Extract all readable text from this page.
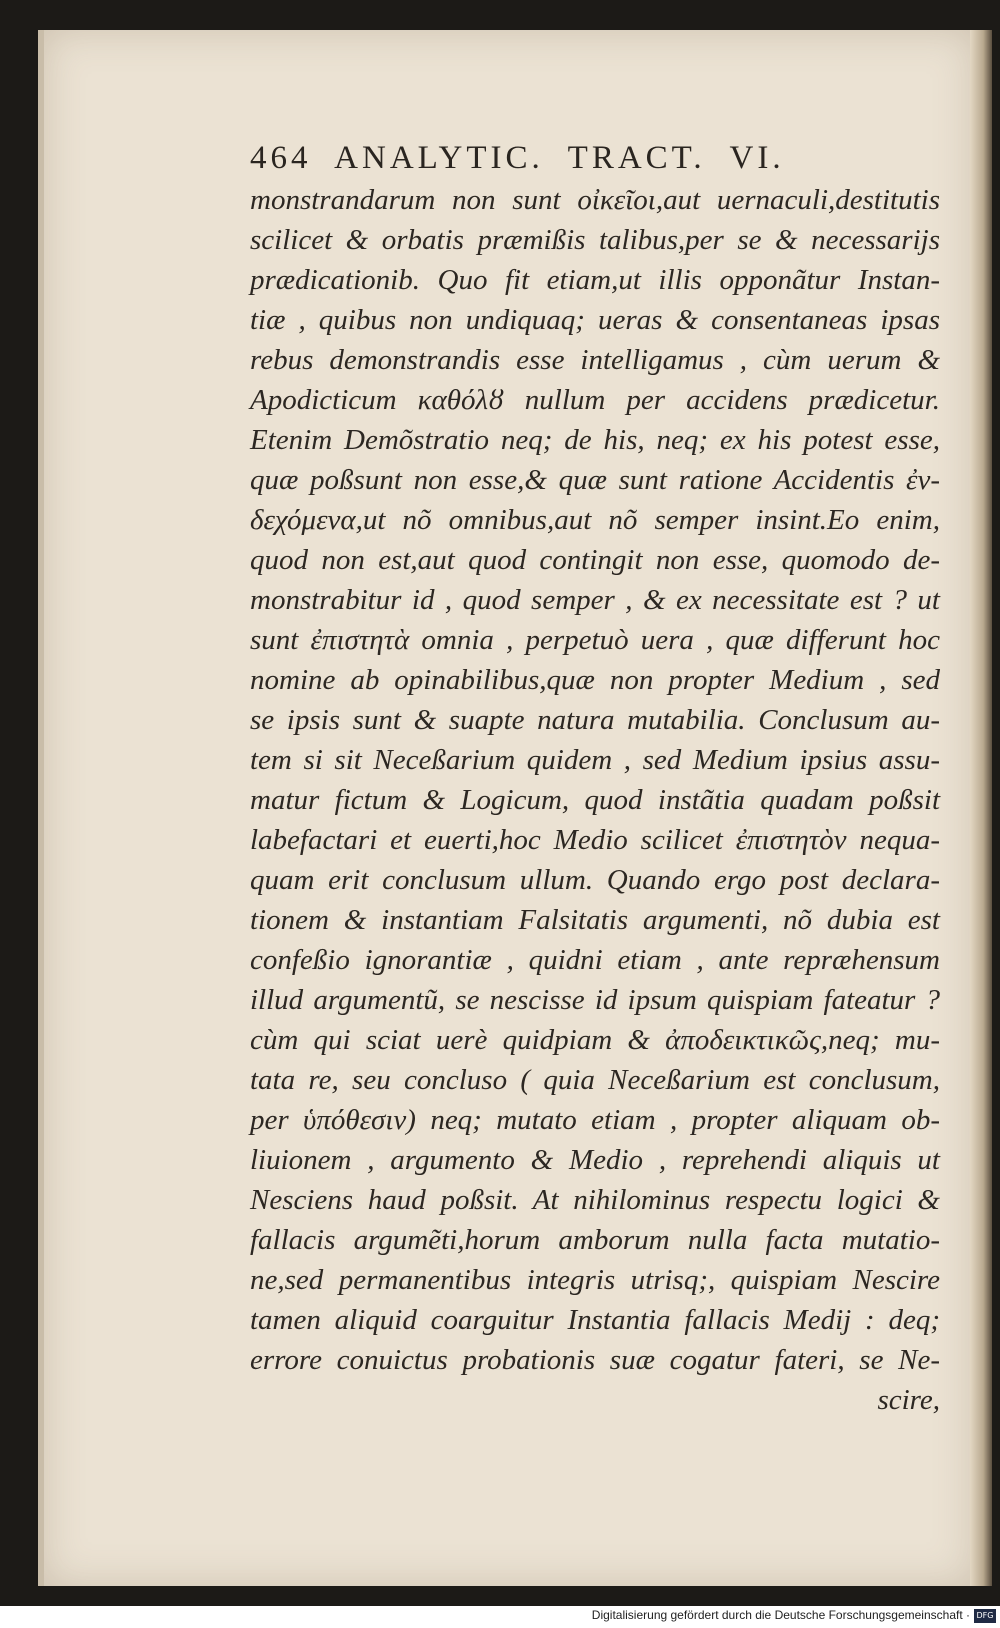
464  ANALYTIC.  TRACT.  VI.
monstrandarum non sunt οἰκεῖοι,aut uernaculi,destitutis
scilicet & orbatis præmißis talibus,per se & necessarijs
prædicationib. Quo fit etiam,ut illis opponãtur Instan-
tiæ , quibus non undiquaq; ueras & consentaneas ipsas
rebus demonstrandis esse intelligamus , cùm uerum &
Apodicticum καθόλȣ nullum per accidens prædicetur.
Etenim Demõstratio neq; de his, neq; ex his potest esse,
quæ poßsunt non esse,& quæ sunt ratione Accidentis ἐν-
δεχόμενα,ut nõ omnibus,aut nõ semper insint.Eo enim,
quod non est,aut quod contingit non esse, quomodo de-
monstrabitur id , quod semper , & ex necessitate est ? ut
sunt ἐπιστητὰ omnia , perpetuò uera , quæ differunt hoc
nomine ab opinabilibus,quæ non propter Medium , sed
se ipsis sunt & suapte natura mutabilia. Conclusum au-
tem si sit Neceßarium quidem , sed Medium ipsius assu-
matur fictum & Logicum, quod instãtia quadam poßsit
labefactari et euerti,hoc Medio scilicet ἐπιστητὸν nequa-
quam erit conclusum ullum. Quando ergo post declara-
tionem & instantiam Falsitatis argumenti, nõ dubia est
confeßio ignorantiæ , quidni etiam , ante repræhensum
illud argumentũ, se nescisse id ipsum quispiam fateatur ?
cùm qui sciat uerè quidpiam & ἀποδεικτικῶς,neq; mu-
tata re, seu concluso ( quia Neceßarium est conclusum,
per ὑπόθεσιν) neq; mutato etiam , propter aliquam ob-
liuionem , argumento & Medio , reprehendi aliquis ut
Nesciens haud poßsit. At nihilominus respectu logici &
fallacis argumẽti,horum amborum nulla facta mutatio-
ne,sed permanentibus integris utrisq;, quispiam Nescire
tamen aliquid coarguitur Instantia fallacis Medij : deq;
errore conuictus probationis suæ cogatur fateri, se Ne-
scire,
Digitalisierung gefördert durch die Deutsche Forschungsgemeinschaft · DFG
